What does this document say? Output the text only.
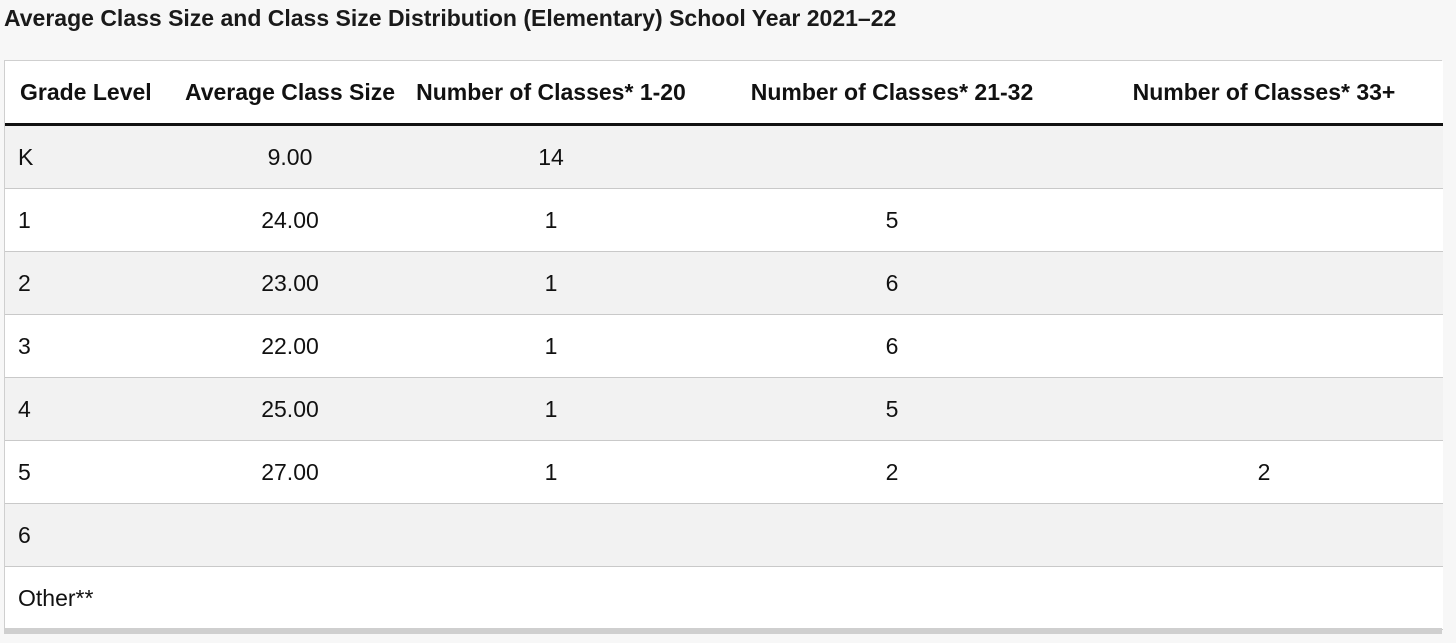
Average Class Size and Class Size Distribution (Elementary) School Year 2021–22
Grade Level	Average Class Size	Number of Classes* 1-20	Number of Classes* 21-32	Number of Classes* 33+
K	9.00	14		
1	24.00	1	5	
2	23.00	1	6	
3	22.00	1	6	
4	25.00	1	5	
5	27.00	1	2	2
6				
Other**				
